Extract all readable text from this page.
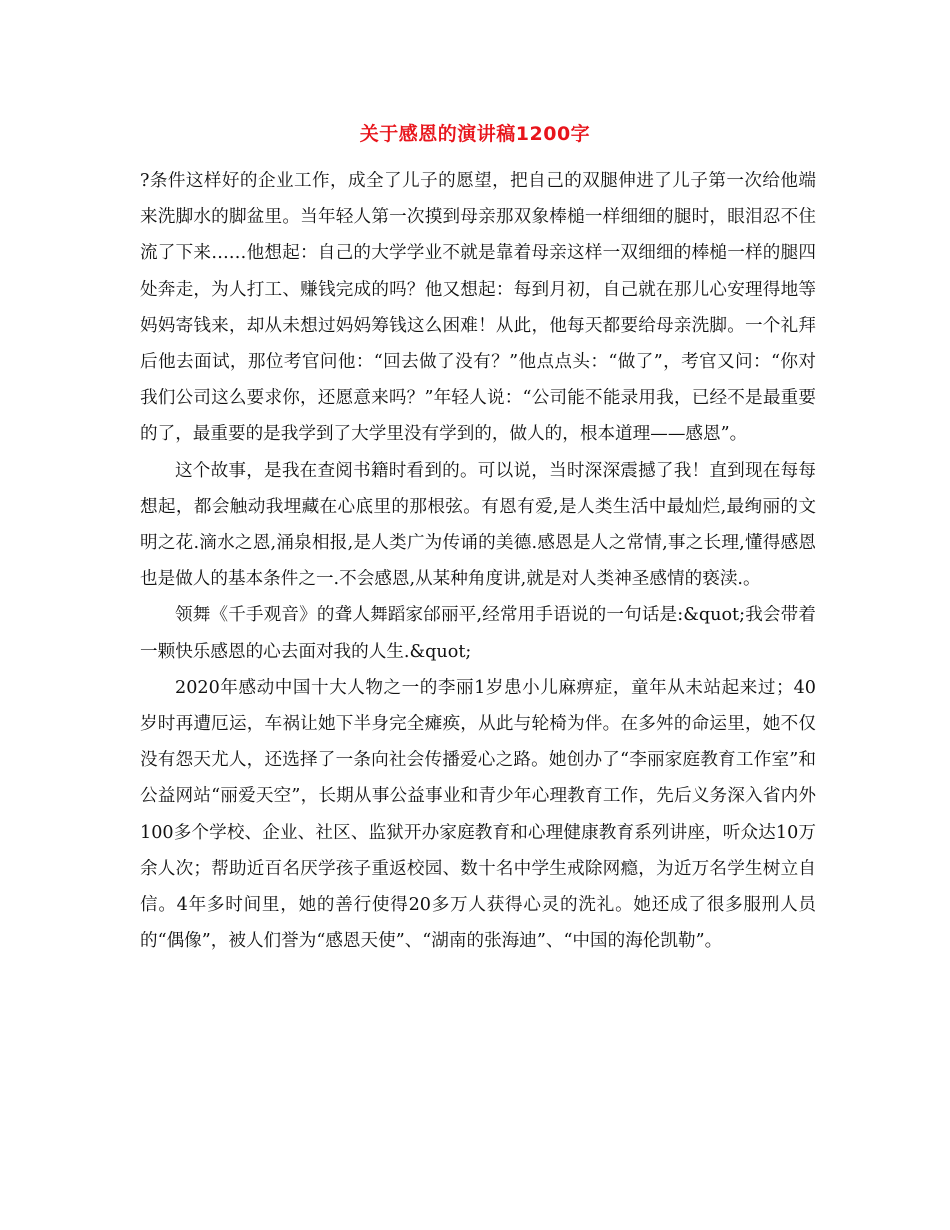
关于感恩的演讲稿1200字

?条件这样好的企业工作，成全了儿子的愿望，把自己的双腿伸进了儿子第一次给他端来洗脚水的脚盆里。当年轻人第一次摸到母亲那双象棒槌一样细细的腿时，眼泪忍不住流了下来……他想起：自己的大学学业不就是靠着母亲这样一双细细的棒槌一样的腿四处奔走，为人打工、赚钱完成的吗？他又想起：每到月初，自己就在那儿心安理得地等妈妈寄钱来，却从未想过妈妈筹钱这么困难！从此，他每天都要给母亲洗脚。一个礼拜后他去面试，那位考官问他：“回去做了没有？”他点点头：“做了”，考官又问：“你对我们公司这么要求你，还愿意来吗？”年轻人说：“公司能不能录用我，已经不是最重要的了，最重要的是我学到了大学里没有学到的，做人的，根本道理——感恩”。

这个故事，是我在查阅书籍时看到的。可以说，当时深深震撼了我！直到现在每每想起，都会触动我埋藏在心底里的那根弦。有恩有爱,是人类生活中最灿烂,最绚丽的文明之花.滴水之恩,涌泉相报,是人类广为传诵的美德.感恩是人之常情,事之长理,懂得感恩也是做人的基本条件之一.不会感恩,从某种角度讲,就是对人类神圣感情的亵渎.。

领舞《千手观音》的聋人舞蹈家邰丽平,经常用手语说的一句话是:&quot;我会带着一颗快乐感恩的心去面对我的人生.&quot;

2020年感动中国十大人物之一的李丽1岁患小儿麻痹症，童年从未站起来过；40岁时再遭厄运，车祸让她下半身完全瘫痪，从此与轮椅为伴。在多舛的命运里，她不仅没有怨天尤人，还选择了一条向社会传播爱心之路。她创办了“李丽家庭教育工作室”和公益网站“丽爱天空”，长期从事公益事业和青少年心理教育工作，先后义务深入省内外100多个学校、企业、社区、监狱开办家庭教育和心理健康教育系列讲座，听众达10万余人次；帮助近百名厌学孩子重返校园、数十名中学生戒除网瘾，为近万名学生树立自信。4年多时间里，她的善行使得20多万人获得心灵的洗礼。她还成了很多服刑人员的“偶像”，被人们誉为“感恩天使”、“湖南的张海迪”、“中国的海伦凯勒”。
